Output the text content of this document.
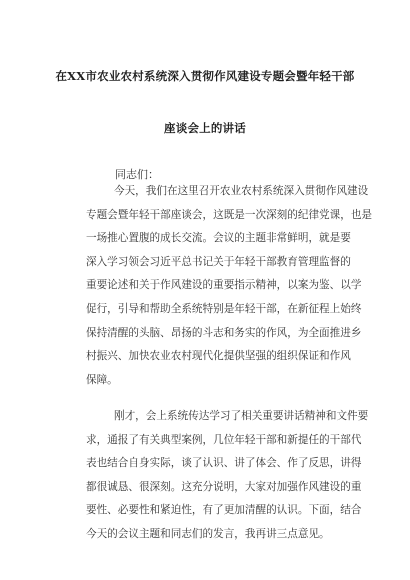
在XX市农业农村系统深入贯彻作风建设专题会暨年轻干部
座谈会上的讲话
同志们：
今天，我们在这里召开农业农村系统深入贯彻作风建设
专题会暨年轻干部座谈会，这既是一次深刻的纪律党课，也是
一场推心置腹的成长交流。会议的主题非常鲜明，就是要
深入学习领会习近平总书记关于年轻干部教育管理监督的
重要论述和关于作风建设的重要指示精神，以案为鉴、以学
促行，引导和帮助全系统特别是年轻干部，在新征程上始终
保持清醒的头脑、昂扬的斗志和务实的作风，为全面推进乡
村振兴、加快农业农村现代化提供坚强的组织保证和作风
保障。
刚才，会上系统传达学习了相关重要讲话精神和文件要
求，通报了有关典型案例，几位年轻干部和新提任的干部代
表也结合自身实际，谈了认识、讲了体会、作了反思，讲得
都很诚恳、很深刻。这充分说明，大家对加强作风建设的重
要性、必要性和紧迫性，有了更加清醒的认识。下面，结合
今天的会议主题和同志们的发言，我再讲三点意见。
